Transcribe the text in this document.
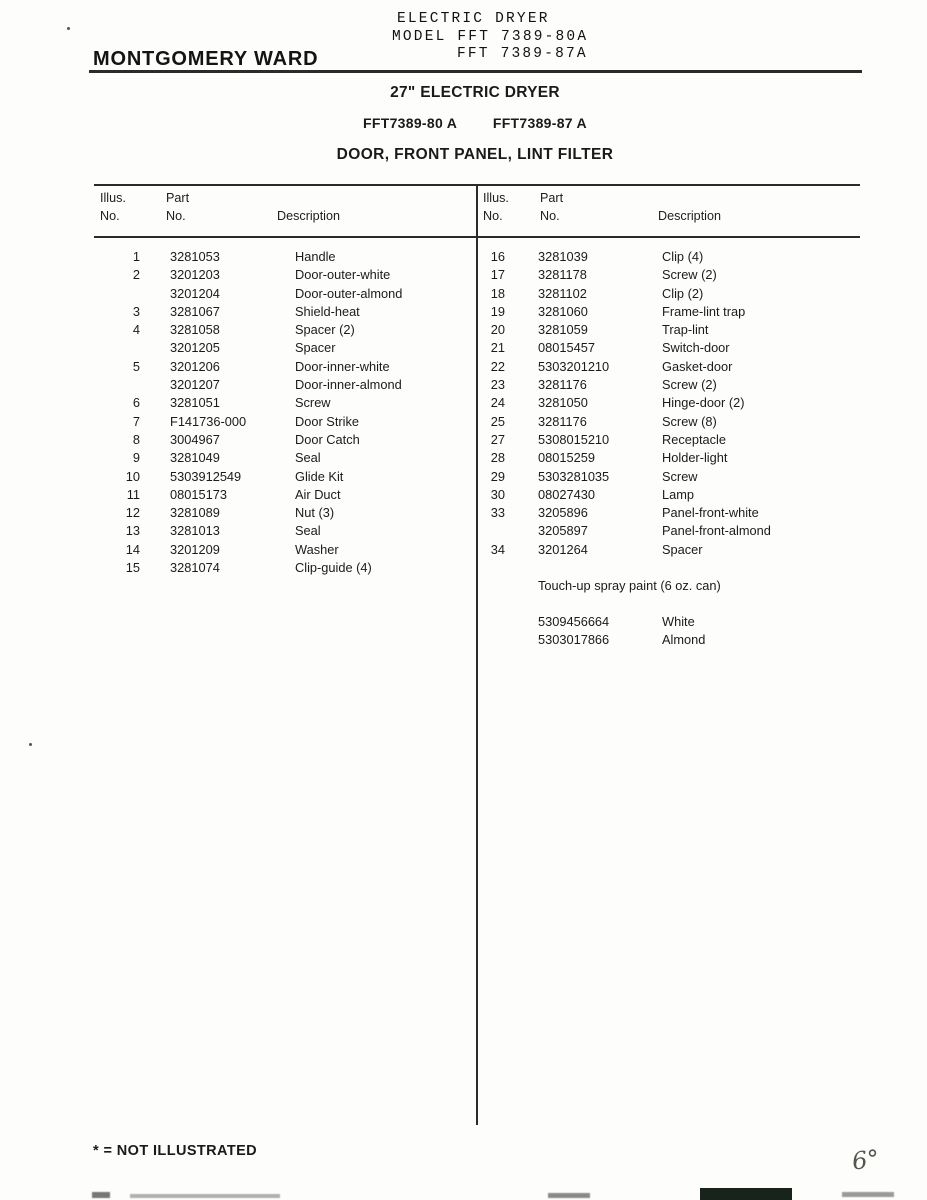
ELECTRIC DRYER
MODEL FFT 7389-80A
FFT 7389-87A
MONTGOMERY WARD
27" ELECTRIC DRYER
FFT7389-80 A	FFT7389-87 A
DOOR, FRONT PANEL, LINT FILTER
Illus.
No.
Part
No.	Description
Illus.
No.
Part
No.	Description
1 3281053	Handle
2 3201203	Door-outer-white
3201204	Door-outer-almond
3 3281067	Shield-heat
4 3281058	Spacer (2)
3201205	Spacer
5 3201206	Door-inner-white
3201207	Door-inner-almond
6 3281051	Screw
7 F141736-000	Door Strike
8 3004967	Door Catch
9 3281049	Seal
10 5303912549	Glide Kit
11 08015173	Air Duct
12 3281089	Nut (3)
13 3281013	Seal
14 3201209	Washer
15 3281074	Clip-guide (4)
16	3281039	Clip (4)
17	3281178	Screw (2)
18	3281102	Clip (2)
19	3281060	Frame-lint trap
20	3281059	Trap-lint
21	08015457	Switch-door
22	5303201210	Gasket-door
23	3281176	Screw (2)
24	3281050	Hinge-door (2)
25	3281176	Screw (8)
27	5308015210	Receptacle
28	08015259	Holder-light
29	5303281035	Screw
30	08027430	Lamp
33	3205896	Panel-front-white
3205897	Panel-front-almond
34	3201264	Spacer
Touch-up spray paint (6 oz. can)
5309456664	White
5303017866	Almond
* = NOT ILLUSTRATED	6°
